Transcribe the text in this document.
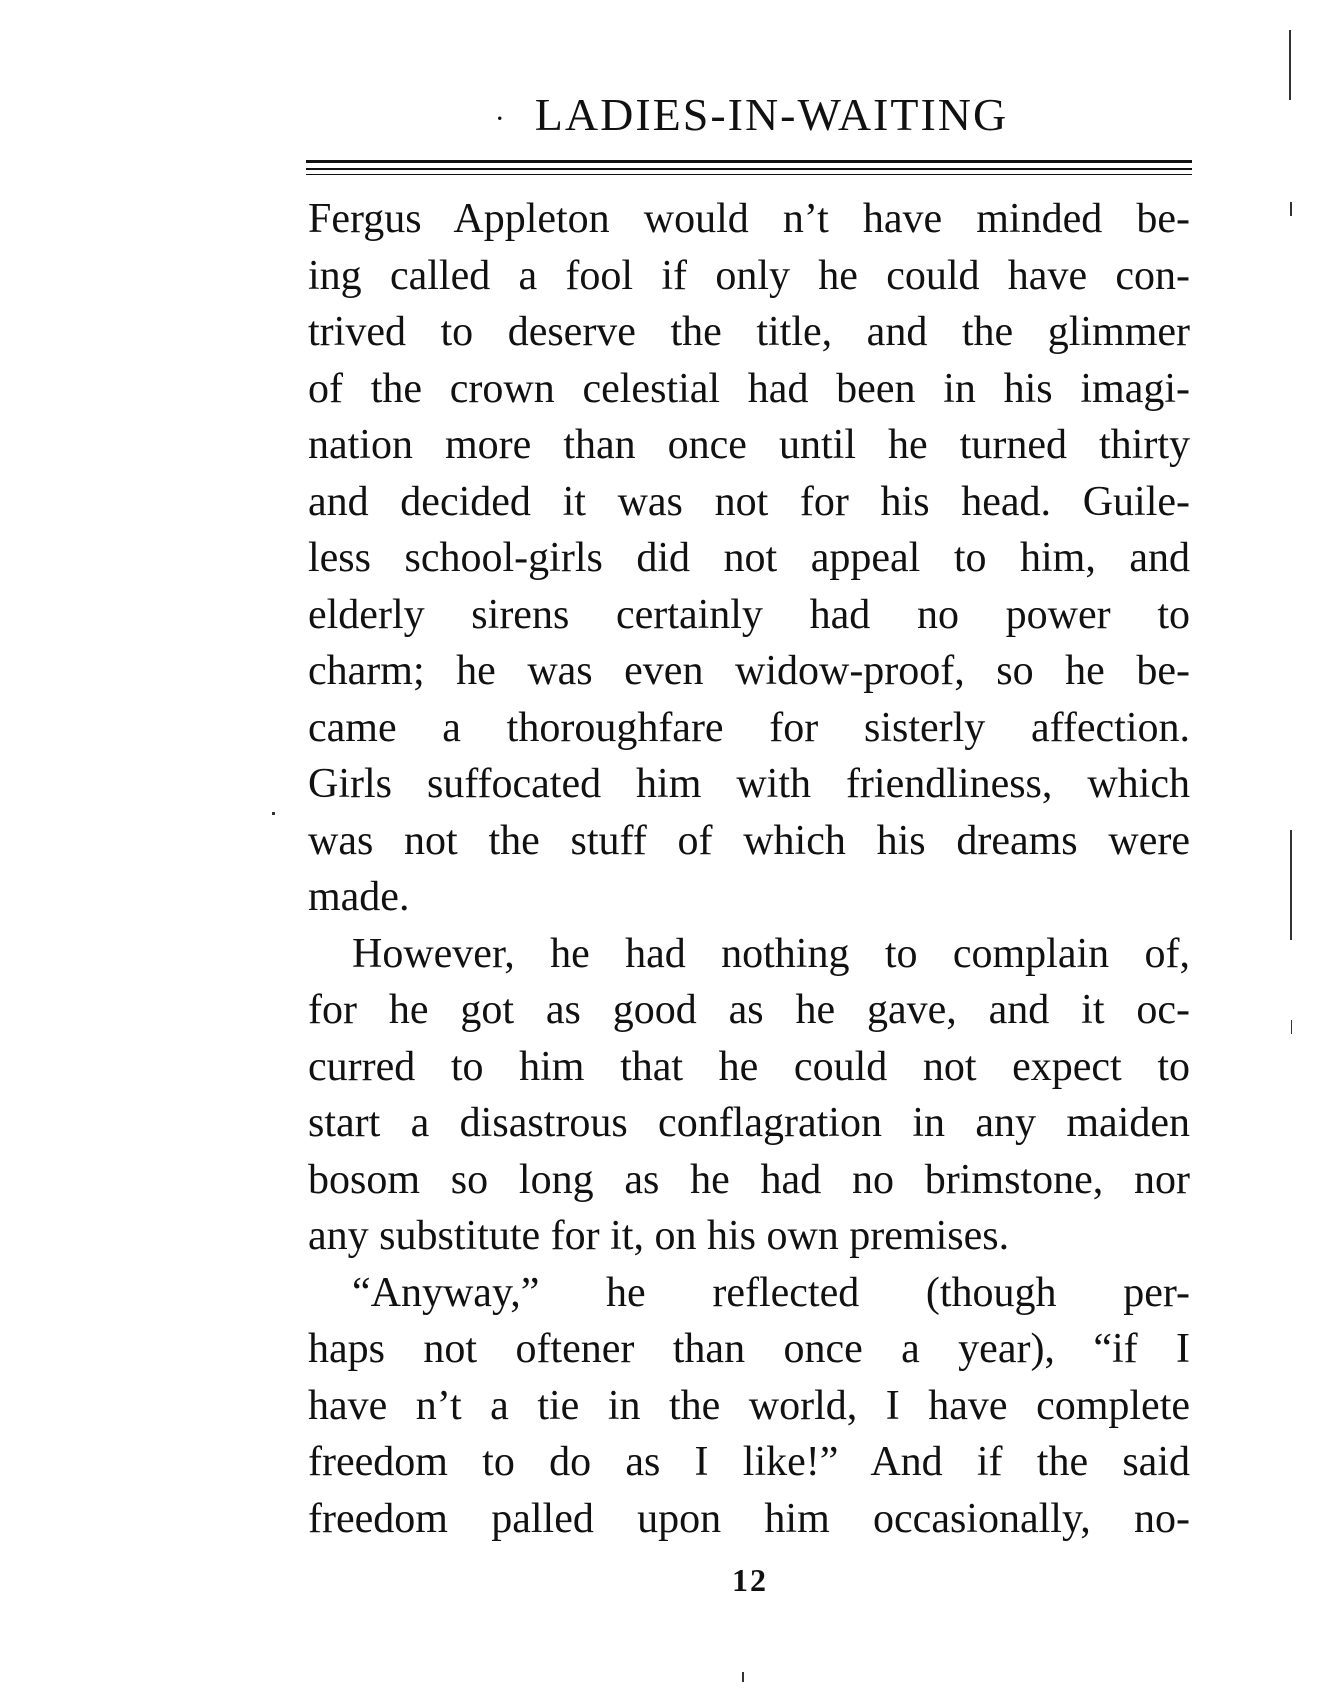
· LADIES-IN-WAITING
Fergus Appleton would n’t have minded be-
ing called a fool if only he could have con-
trived to deserve the title, and the glimmer
of the crown celestial had been in his imagi-
nation more than once until he turned thirty
and decided it was not for his head. Guile-
less school-girls did not appeal to him, and
elderly sirens certainly had no power to
charm; he was even widow-proof, so he be-
came a thoroughfare for sisterly affection.
Girls suffocated him with friendliness, which
was not the stuff of which his dreams were
made.
However, he had nothing to complain of,
for he got as good as he gave, and it oc-
curred to him that he could not expect to
start a disastrous conflagration in any maiden
bosom so long as he had no brimstone, nor
any substitute for it, on his own premises.
“Anyway,” he reflected (though per-
haps not oftener than once a year), “if I
have n’t a tie in the world, I have complete
freedom to do as I like!” And if the said
freedom palled upon him occasionally, no-
12
